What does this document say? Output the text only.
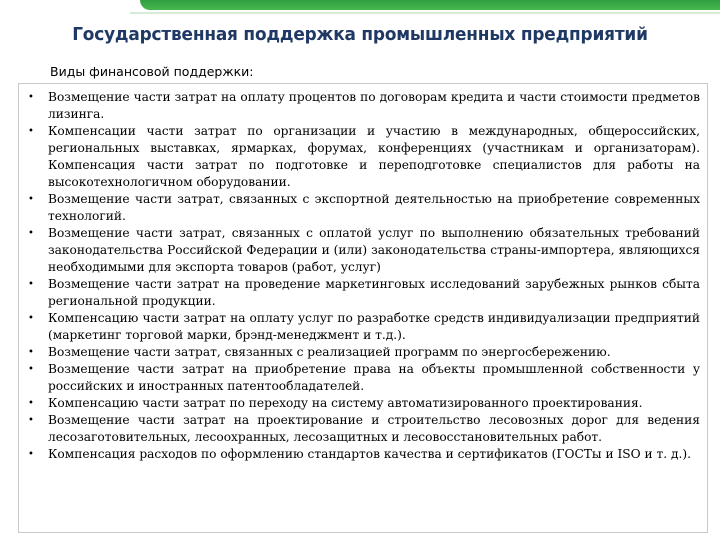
Государственная поддержка промышленных предприятий

Виды финансовой поддержки:

• Возмещение части затрат на оплату процентов по договорам кредита и части стоимости предметов лизинга.
• Компенсации части затрат по организации и участию в международных, общероссийских, региональных выставках, ярмарках, форумах, конференциях (участникам и организаторам). Компенсация части затрат по подготовке и переподготовке специалистов для работы на высокотехнологичном оборудовании.
• Возмещение части затрат, связанных с экспортной деятельностью на приобретение современных технологий.
• Возмещение части затрат, связанных с оплатой услуг по выполнению обязательных требований законодательства Российской Федерации и (или) законодательства страны-импортера, являющихся необходимыми для экспорта товаров (работ, услуг)
• Возмещение части затрат на проведение маркетинговых исследований зарубежных рынков сбыта региональной продукции.
• Компенсацию части затрат на оплату услуг по разработке средств индивидуализации предприятий (маркетинг торговой марки, брэнд-менеджмент и т.д.).
• Возмещение части затрат, связанных с реализацией программ по энергосбережению.
• Возмещение части затрат на приобретение права на объекты промышленной собственности у российских и иностранных патентообладателей.
• Компенсацию части затрат по переходу на систему автоматизированного проектирования.
• Возмещение части затрат на проектирование и строительство лесовозных дорог для ведения лесозаготовительных, лесоохранных, лесозащитных и лесовосстановительных работ.
• Компенсация расходов по оформлению стандартов качества и сертификатов (ГОСТы и ISO и т. д.).
